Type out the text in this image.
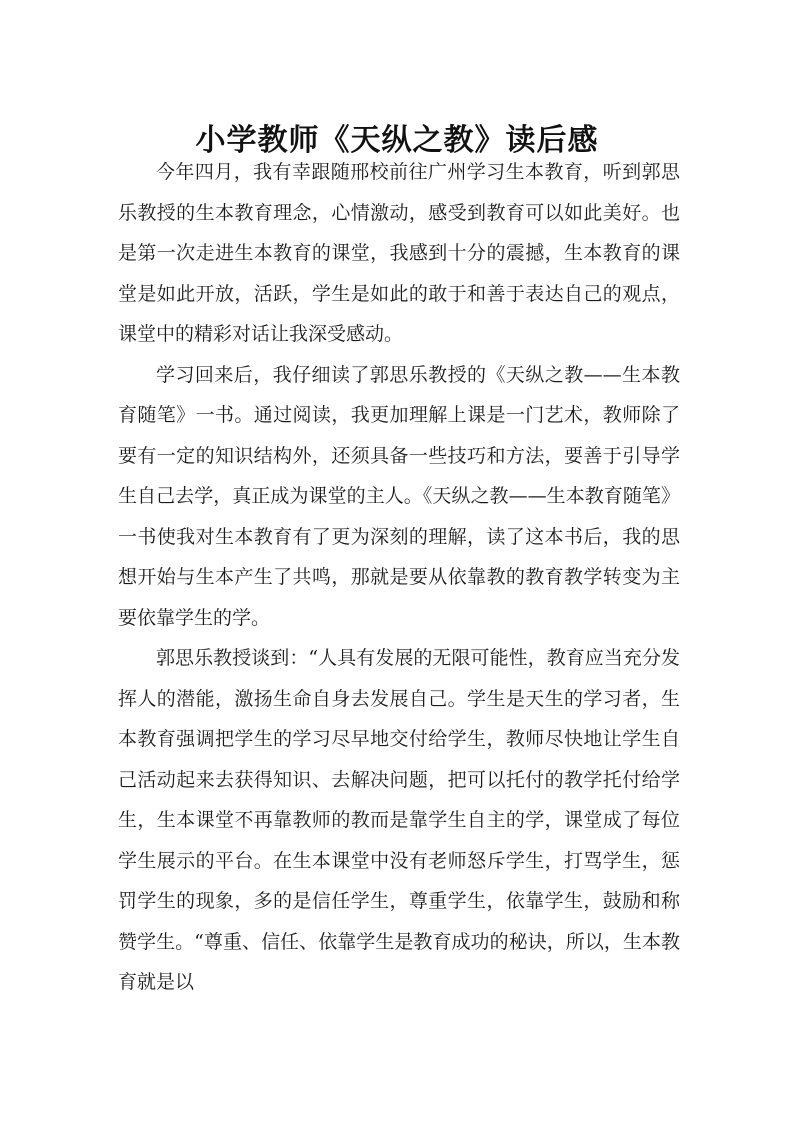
小学教师《天纵之教》读后感

今年四月，我有幸跟随邢校前往广州学习生本教育，听到郭思乐教授的生本教育理念，心情激动，感受到教育可以如此美好。也是第一次走进生本教育的课堂，我感到十分的震撼，生本教育的课堂是如此开放，活跃，学生是如此的敢于和善于表达自己的观点，课堂中的精彩对话让我深受感动。

学习回来后，我仔细读了郭思乐教授的《天纵之教——生本教育随笔》一书。通过阅读，我更加理解上课是一门艺术，教师除了要有一定的知识结构外，还须具备一些技巧和方法，要善于引导学生自己去学，真正成为课堂的主人。《天纵之教——生本教育随笔》一书使我对生本教育有了更为深刻的理解，读了这本书后，我的思想开始与生本产生了共鸣，那就是要从依靠教的教育教学转变为主要依靠学生的学。

郭思乐教授谈到：“人具有发展的无限可能性，教育应当充分发挥人的潜能，激扬生命自身去发展自己。学生是天生的学习者，生本教育强调把学生的学习尽早地交付给学生，教师尽快地让学生自己活动起来去获得知识、去解决问题，把可以托付的教学托付给学生，生本课堂不再靠教师的教而是靠学生自主的学，课堂成了每位学生展示的平台。在生本课堂中没有老师怒斥学生，打骂学生，惩罚学生的现象，多的是信任学生，尊重学生，依靠学生，鼓励和称赞学生。“尊重、信任、依靠学生是教育成功的秘诀，所以，生本教育就是以
